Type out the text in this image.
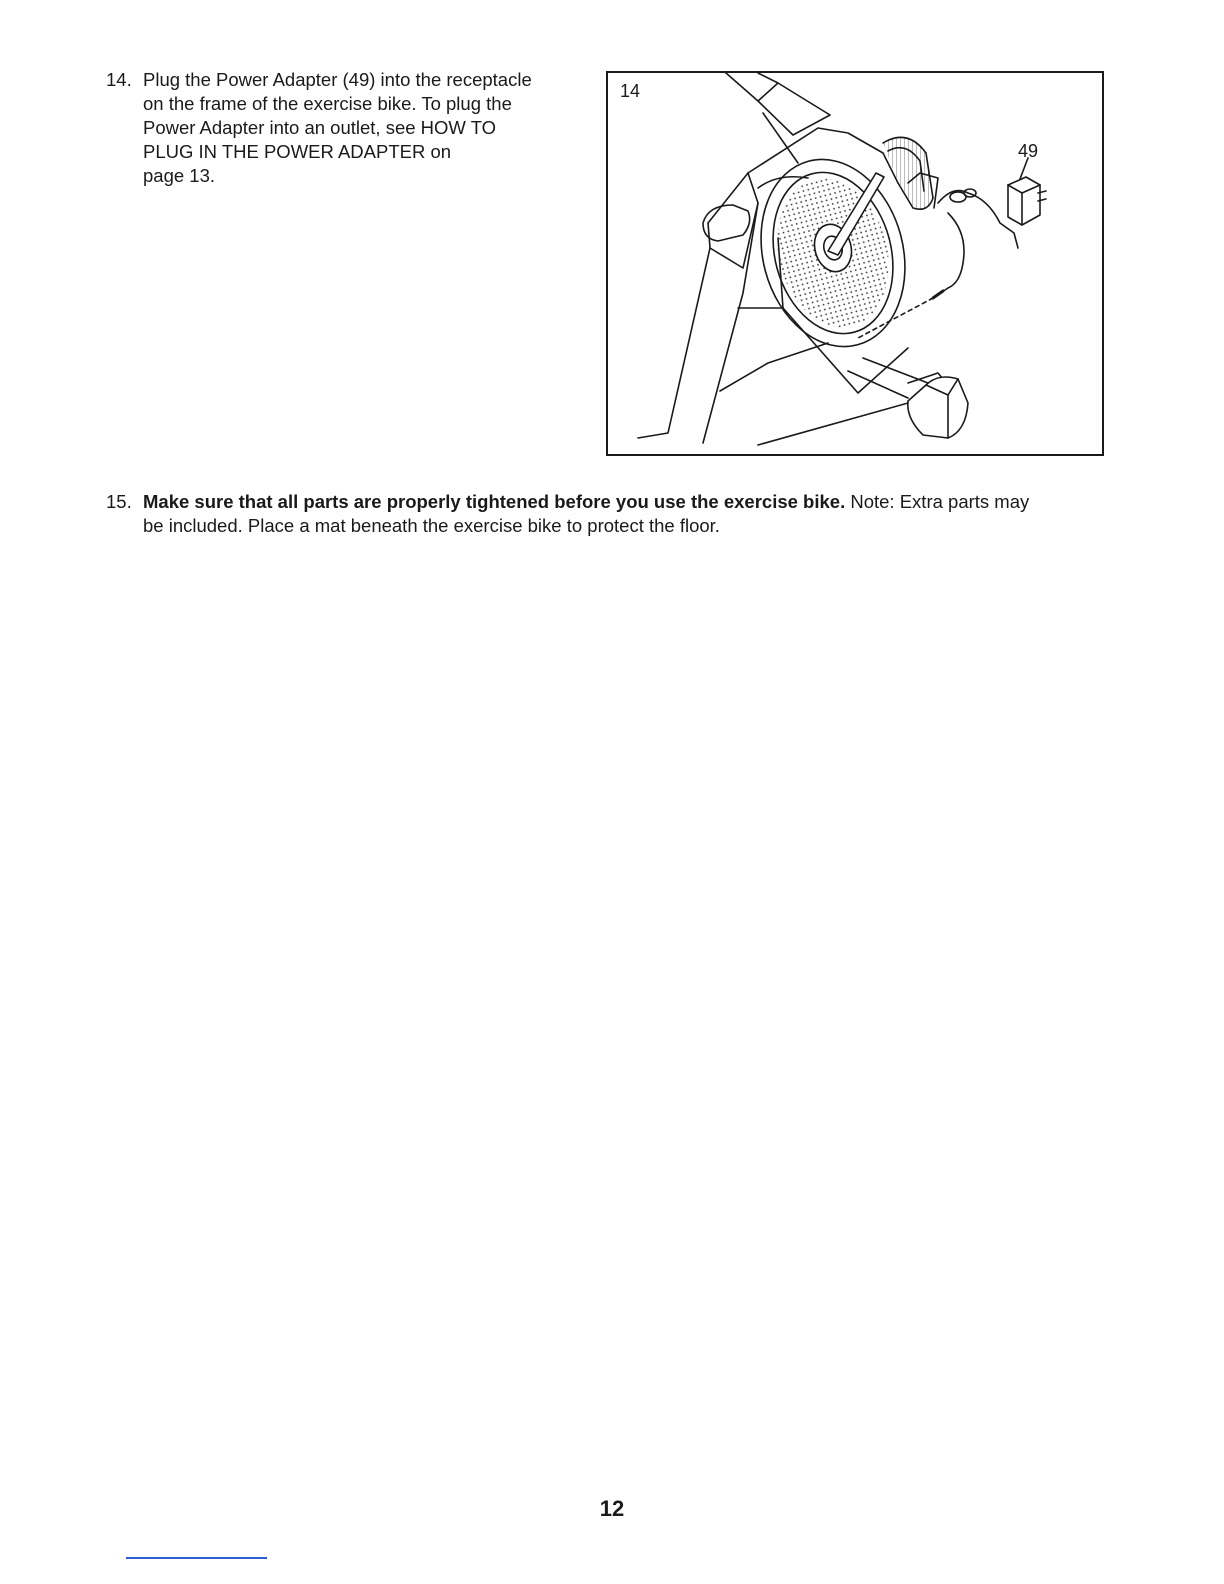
14. Plug the Power Adapter (49) into the receptacle
on the frame of the exercise bike. To plug the
Power Adapter into an outlet, see HOW TO
PLUG IN THE POWER ADAPTER on
page 13.
14
49
15. Make sure that all parts are properly tightened before you use the exercise bike. Note: Extra parts may
be included. Place a mat beneath the exercise bike to protect the floor.
12
